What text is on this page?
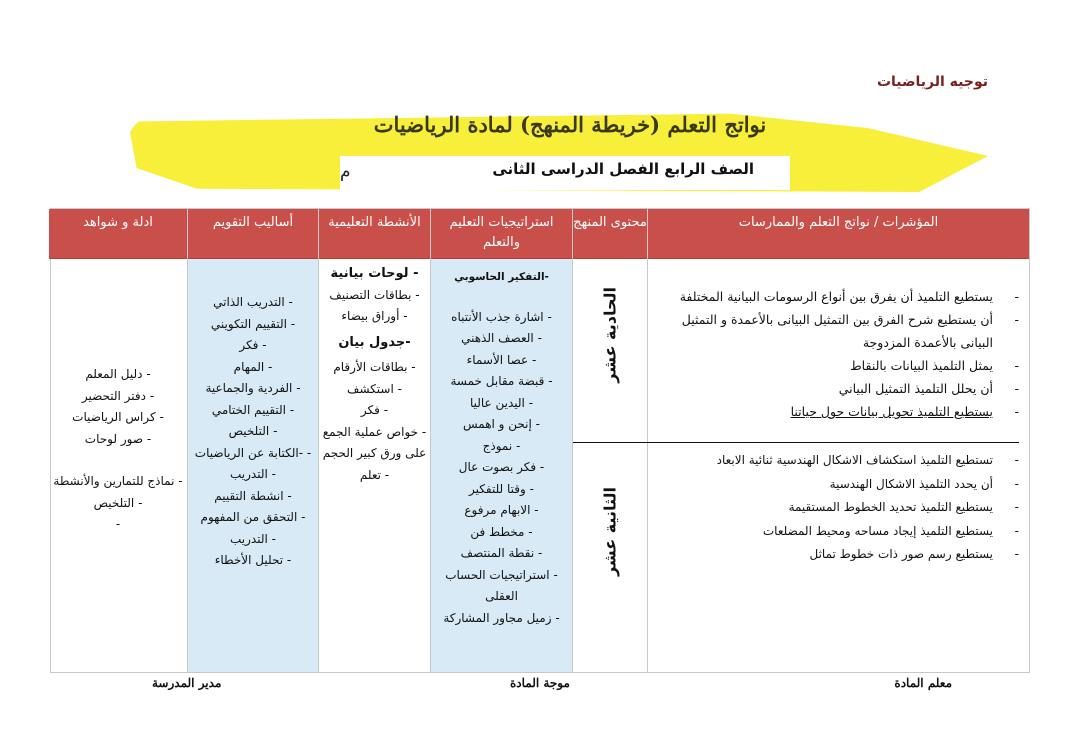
توجيه الرياضيات
نواتج التعلم (خريطة المنهج) لمادة الرياضيات
الصف الرابع الفصل الدراسى الثانى
م
المؤشرات / نواتج التعلم والممارسات
- يستطيع التلميذ أن يفرق بين أنواع الرسومات البيانية المختلفة
- أن يستطيع شرح الفرق بين التمثيل البيانى بالأعمدة و التمثيل البيانى بالأعمدة المزدوجة
- يمثل التلميذ البيانات بالنقاط
- أن يحلل التلميذ التمثيل البياني
- يستطيع التلميذ تحويل بيانات حول حياتنا
- تستطيع التلميذ استكشاف الاشكال الهندسية ثنائية الابعاد
- أن يحدد التلميذ الاشكال الهندسية
- يستطيع التلميذ تحديد الخطوط المستقيمة
- يستطيع التلميذ إيجاد مساحه ومحيط المضلعات
- يستطيع رسم صور ذات خطوط تماثل
محتوى المنهج
الحادية عشر
الثانية عشر
استراتيجيات التعليم والتعلم
-التفكير الحاسوبي
- اشارة جذب الأنتباه
- العصف الذهني
- عصا الأسماء
- قبضة مقابل خمسة
- اليدين عاليا
- إنحن و اهمس
- نموذج
- فكر بصوت عال
- وقتا للتفكير
- الابهام مرفوع
- مخطط فن
- نقطة المنتصف
- استراتيجيات الحساب العقلى
- زميل مجاور المشاركة
الأنشطة التعليمية
- لوحات بيانية
- بطاقات التصنيف
- أوراق بيضاء
-جدول بيان
- بطاقات الأرقام
- استكشف
- فكر
- خواص عملية الجمع على ورق كبير الحجم
- تعلم
أساليب التقويم
- التدريب الذاتي
- التقييم التكويني
- فكر
- المهام
- الفردية والجماعية
- التقييم الختامي
- التلخيص
- -الكتابة عن الرياضيات
- التدريب
- انشطة التقييم
- التحقق من المفهوم
- التدريب
- تحليل الأخطاء
ادلة و شواهد
- دليل المعلم
- دفتر التحضير
- كراس الرياضيات
- صور لوحات
- نماذج للتمارين والأنشطة
- التلخيص
-
معلم المادة
موجة المادة
مدير المدرسة
